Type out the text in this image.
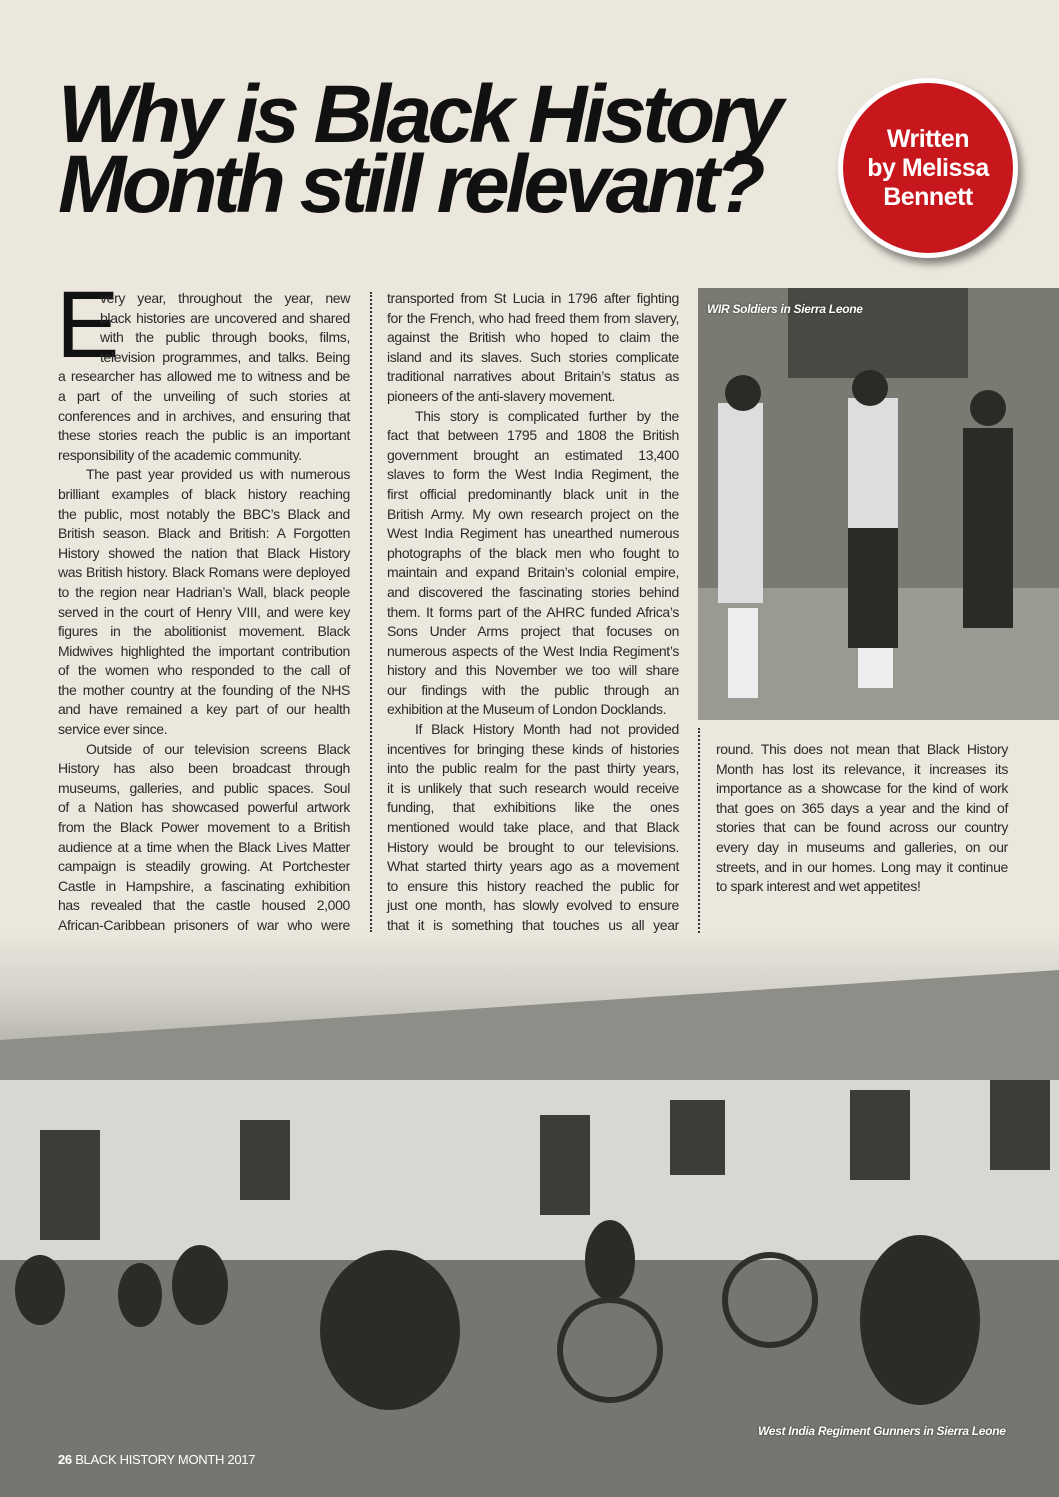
Why is Black History
Month still relevant?
Written
by Melissa
Bennett
E
very year, throughout the year, new
black histories are uncovered and shared
with the public through books, films,
television programmes, and talks. Being
a researcher has allowed me to witness and be
a part of the unveiling of such stories at
conferences and in archives, and ensuring that
these stories reach the public is an important
responsibility of the academic community.
The past year provided us with numerous
brilliant examples of black history reaching
the public, most notably the BBC’s Black and
British season. Black and British: A Forgotten
History showed the nation that Black History
was British history. Black Romans were deployed
to the region near Hadrian’s Wall, black people
served in the court of Henry VIII, and were key
figures in the abolitionist movement. Black
Midwives highlighted the important contribution
of the women who responded to the call of
the mother country at the founding of the NHS
and have remained a key part of our health
service ever since.
Outside of our television screens Black
History has also been broadcast through
museums, galleries, and public spaces. Soul
of a Nation has showcased powerful artwork
from the Black Power movement to a British
audience at a time when the Black Lives Matter
campaign is steadily growing. At Portchester
Castle in Hampshire, a fascinating exhibition
has revealed that the castle housed 2,000
African-Caribbean prisoners of war who were
transported from St Lucia in 1796 after fighting
for the French, who had freed them from slavery,
against the British who hoped to claim the
island and its slaves. Such stories complicate
traditional narratives about Britain’s status as
pioneers of the anti-slavery movement.
This story is complicated further by the
fact that between 1795 and 1808 the British
government brought an estimated 13,400
slaves to form the West India Regiment, the
first official predominantly black unit in the
British Army. My own research project on the
West India Regiment has unearthed numerous
photographs of the black men who fought to
maintain and expand Britain’s colonial empire,
and discovered the fascinating stories behind
them. It forms part of the AHRC funded Africa’s
Sons Under Arms project that focuses on
numerous aspects of the West India Regiment’s
history and this November we too will share
our findings with the public through an
exhibition at the Museum of London Docklands.
If Black History Month had not provided
incentives for bringing these kinds of histories
into the public realm for the past thirty years,
it is unlikely that such research would receive
funding, that exhibitions like the ones
mentioned would take place, and that Black
History would be brought to our televisions.
What started thirty years ago as a movement
to ensure this history reached the public for
just one month, has slowly evolved to ensure
that it is something that touches us all year
round. This does not mean that Black History
Month has lost its relevance, it increases its
importance as a showcase for the kind of work
that goes on 365 days a year and the kind of
stories that can be found across our country
every day in museums and galleries, on our
streets, and in our homes. Long may it continue
to spark interest and wet appetites!
WIR Soldiers in Sierra Leone
West India Regiment Gunners in Sierra Leone
26 BLACK HISTORY MONTH 2017
